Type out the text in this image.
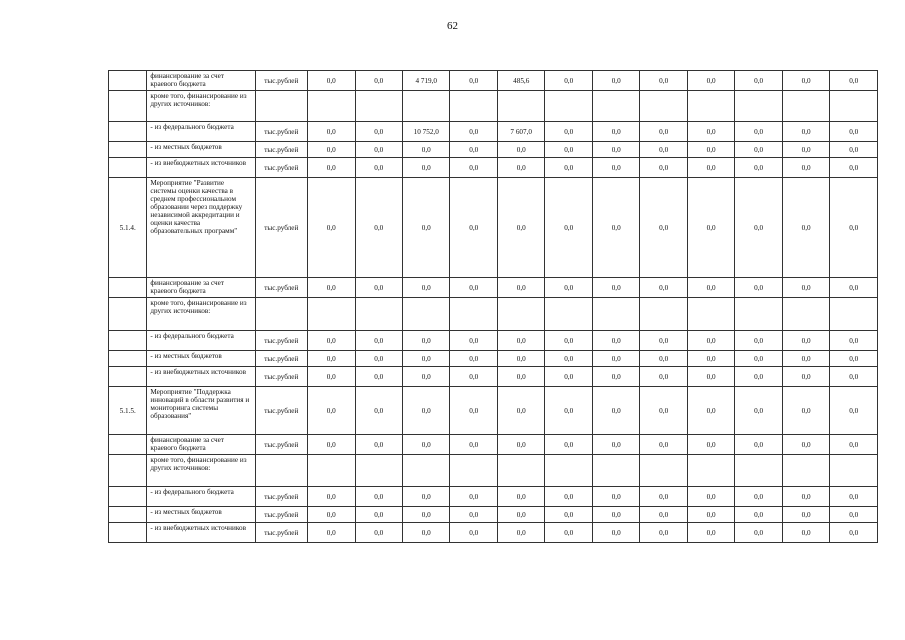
62
	финансирование за счет краевого бюджета	тыс.рублей	0,0	0,0	4 719,0	0,0	485,6	0,0	0,0	0,0	0,0	0,0	0,0	0,0
	кроме того, финансирование из других источников:													
	- из федерального бюджета	тыс.рублей	0,0	0,0	10 752,0	0,0	7 607,0	0,0	0,0	0,0	0,0	0,0	0,0	0,0
	- из местных бюджетов	тыс.рублей	0,0	0,0	0,0	0,0	0,0	0,0	0,0	0,0	0,0	0,0	0,0	0,0
	- из внебюджетных источников	тыс.рублей	0,0	0,0	0,0	0,0	0,0	0,0	0,0	0,0	0,0	0,0	0,0	0,0
5.1.4.	Мероприятие "Развитие системы оценки качества в среднем профессиональном образовании через поддержку независимой аккредитации и оценки качества образовательных программ"	тыс.рублей	0,0	0,0	0,0	0,0	0,0	0,0	0,0	0,0	0,0	0,0	0,0	0,0
	финансирование за счет краевого бюджета	тыс.рублей	0,0	0,0	0,0	0,0	0,0	0,0	0,0	0,0	0,0	0,0	0,0	0,0
	кроме того, финансирование из других источников:													
	- из федерального бюджета	тыс.рублей	0,0	0,0	0,0	0,0	0,0	0,0	0,0	0,0	0,0	0,0	0,0	0,0
	- из местных бюджетов	тыс.рублей	0,0	0,0	0,0	0,0	0,0	0,0	0,0	0,0	0,0	0,0	0,0	0,0
	- из внебюджетных источников	тыс.рублей	0,0	0,0	0,0	0,0	0,0	0,0	0,0	0,0	0,0	0,0	0,0	0,0
5.1.5.	Мероприятие "Поддержка инноваций в области развития и мониторинга системы образования"	тыс.рублей	0,0	0,0	0,0	0,0	0,0	0,0	0,0	0,0	0,0	0,0	0,0	0,0
	финансирование за счет краевого бюджета	тыс.рублей	0,0	0,0	0,0	0,0	0,0	0,0	0,0	0,0	0,0	0,0	0,0	0,0
	кроме того, финансирование из других источников:													
	- из федерального бюджета	тыс.рублей	0,0	0,0	0,0	0,0	0,0	0,0	0,0	0,0	0,0	0,0	0,0	0,0
	- из местных бюджетов	тыс.рублей	0,0	0,0	0,0	0,0	0,0	0,0	0,0	0,0	0,0	0,0	0,0	0,0
	- из внебюджетных источников	тыс.рублей	0,0	0,0	0,0	0,0	0,0	0,0	0,0	0,0	0,0	0,0	0,0	0,0
